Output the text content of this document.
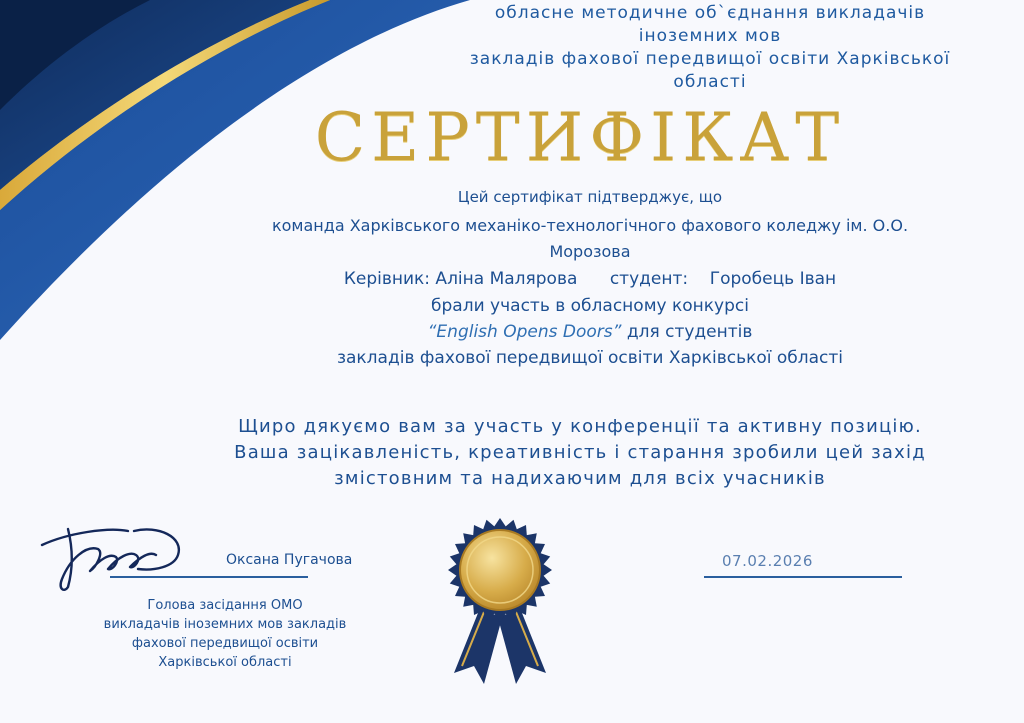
обласне методичне об`єднання викладачів
іноземних мов
закладів фахової передвищої освіти Харківської
області
СЕРТИФІКАТ
Цей сертифікат підтверджує, що
команда Харківського механіко-технологічного фахового коледжу ім. О.О.
Морозова
Керівник: Аліна Малярова      студент:    Горобець Іван
брали участь в обласному конкурсі
“English Opens Doors” для студентів
закладів фахової передвищої освіти Харківської області
Щиро дякуємо вам за участь у конференції та активну позицію.
Ваша зацікавленість, креативність і старання зробили цей захід
змістовним та надихаючим для всіх учасників
Оксана Пугачова
Голова засідання ОМО
викладачів іноземних мов закладів
фахової передвищої освіти
Харківської області
07.02.2026
